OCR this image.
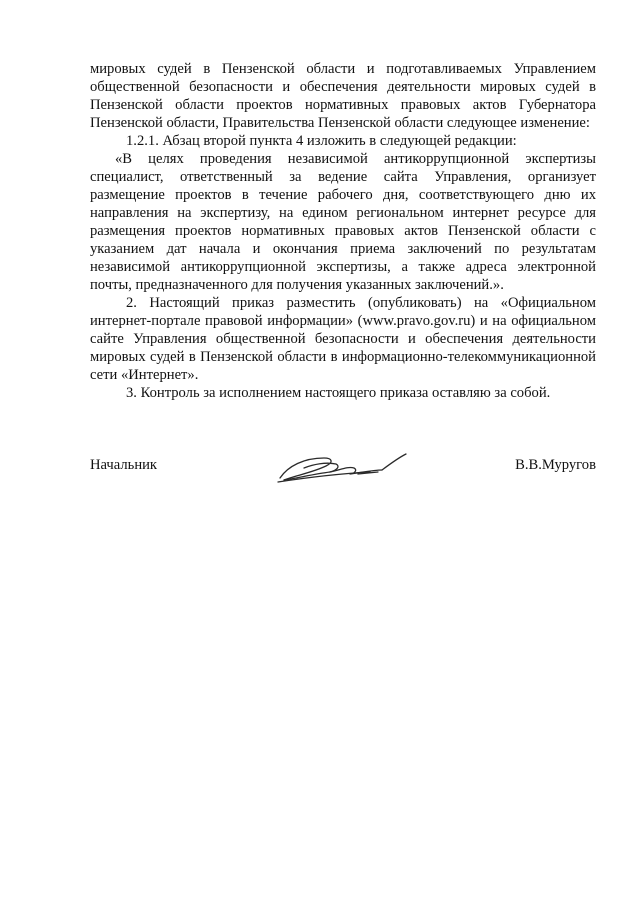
мировых судей в Пензенской области и подготавливаемых Управлением общественной безопасности и обеспечения деятельности мировых судей в Пензенской области проектов нормативных правовых актов Губернатора Пензенской области, Правительства Пензенской области следующее изменение:

1.2.1. Абзац второй пункта 4 изложить в следующей редакции:

«В целях проведения независимой антикоррупционной экспертизы специалист, ответственный за ведение сайта Управления, организует размещение проектов в течение рабочего дня, соответствующего дню их направления на экспертизу, на едином региональном интернет ресурсе для размещения проектов нормативных правовых актов Пензенской области с указанием дат начала и окончания приема заключений по результатам независимой антикоррупционной экспертизы, а также адреса электронной почты, предназначенного для получения указанных заключений.».

2. Настоящий приказ разместить (опубликовать) на «Официальном интернет-портале правовой информации» (www.pravo.gov.ru) и на официальном сайте Управления общественной безопасности и обеспечения деятельности мировых судей в Пензенской области в информационно-телекоммуникационной сети «Интернет».

3. Контроль за исполнением настоящего приказа оставляю за собой.

Начальник	В.В.Муругов
